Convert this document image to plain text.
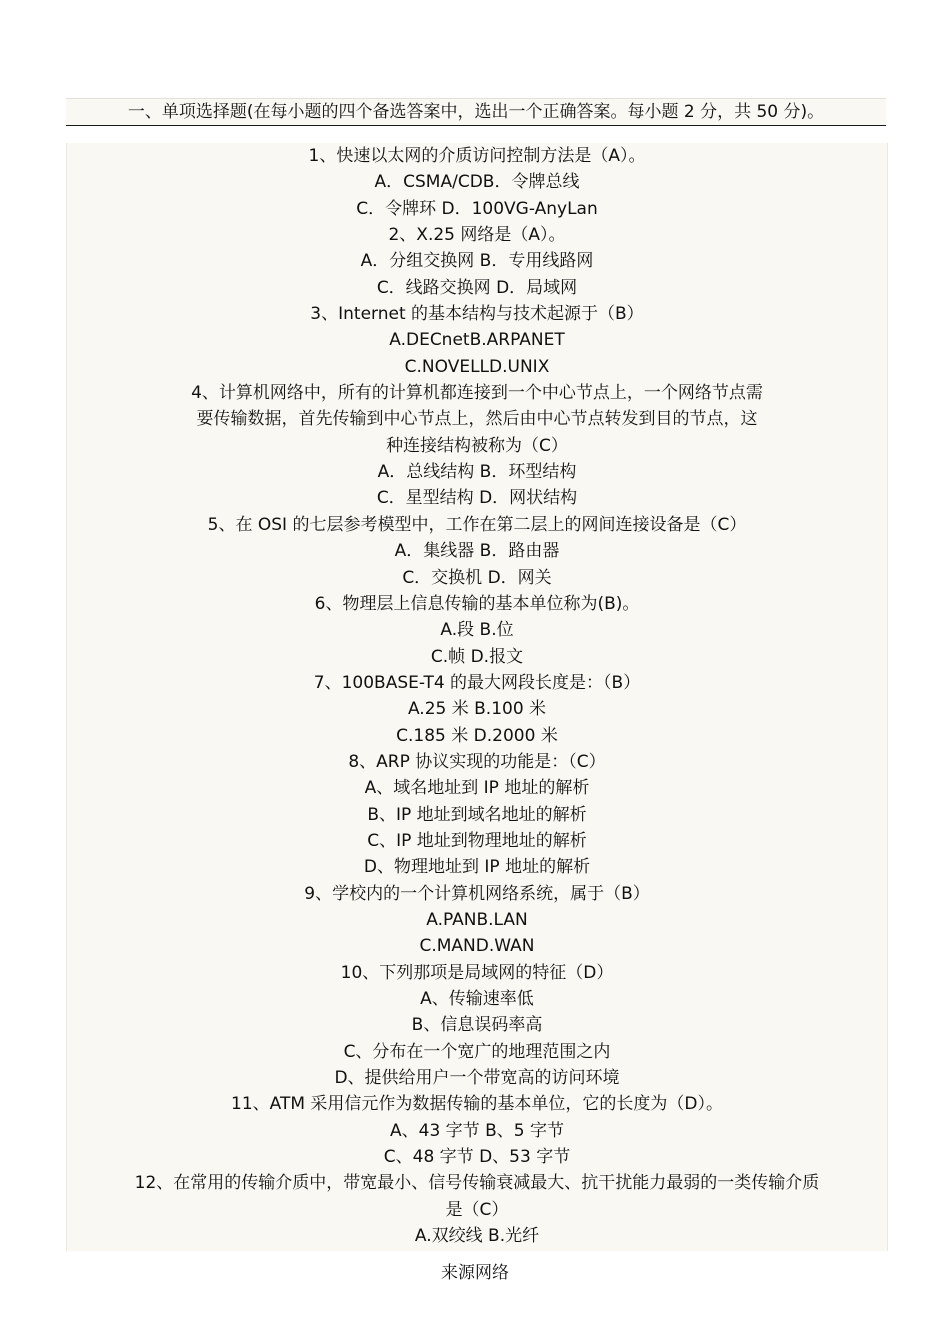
一、单项选择题(在每小题的四个备选答案中，选出一个正确答案。每小题 2 分，共 50 分)。
1、快速以太网的介质访问控制方法是（A）。
A．CSMA/CDB．令牌总线
C．令牌环 D．100VG-AnyLan
2、X.25 网络是（A）。
A．分组交换网 B．专用线路网
C．线路交换网 D．局域网
3、Internet 的基本结构与技术起源于（B）
A.DECnetB.ARPANET
C.NOVELLD.UNIX
4、计算机网络中，所有的计算机都连接到一个中心节点上，一个网络节点需
要传输数据，首先传输到中心节点上，然后由中心节点转发到目的节点，这
种连接结构被称为（C）
A．总线结构 B．环型结构
C．星型结构 D．网状结构
5、在 OSI 的七层参考模型中，工作在第二层上的网间连接设备是（C）
A．集线器 B．路由器
C．交换机 D．网关
6、物理层上信息传输的基本单位称为(B)。
A.段 B.位
C.帧 D.报文
7、100BASE-T4 的最大网段长度是：（B）
A.25 米 B.100 米
C.185 米 D.2000 米
8、ARP 协议实现的功能是：（C）
A、域名地址到 IP 地址的解析
B、IP 地址到域名地址的解析
C、IP 地址到物理地址的解析
D、物理地址到 IP 地址的解析
9、学校内的一个计算机网络系统，属于（B）
A.PANB.LAN
C.MAND.WAN
10、下列那项是局域网的特征（D）
A、传输速率低
B、信息误码率高
C、分布在一个宽广的地理范围之内
D、提供给用户一个带宽高的访问环境
11、ATM 采用信元作为数据传输的基本单位，它的长度为（D）。
A、43 字节 B、5 字节
C、48 字节 D、53 字节
12、在常用的传输介质中，带宽最小、信号传输衰减最大、抗干扰能力最弱的一类传输介质
是（C）
A.双绞线 B.光纤
来源网络
